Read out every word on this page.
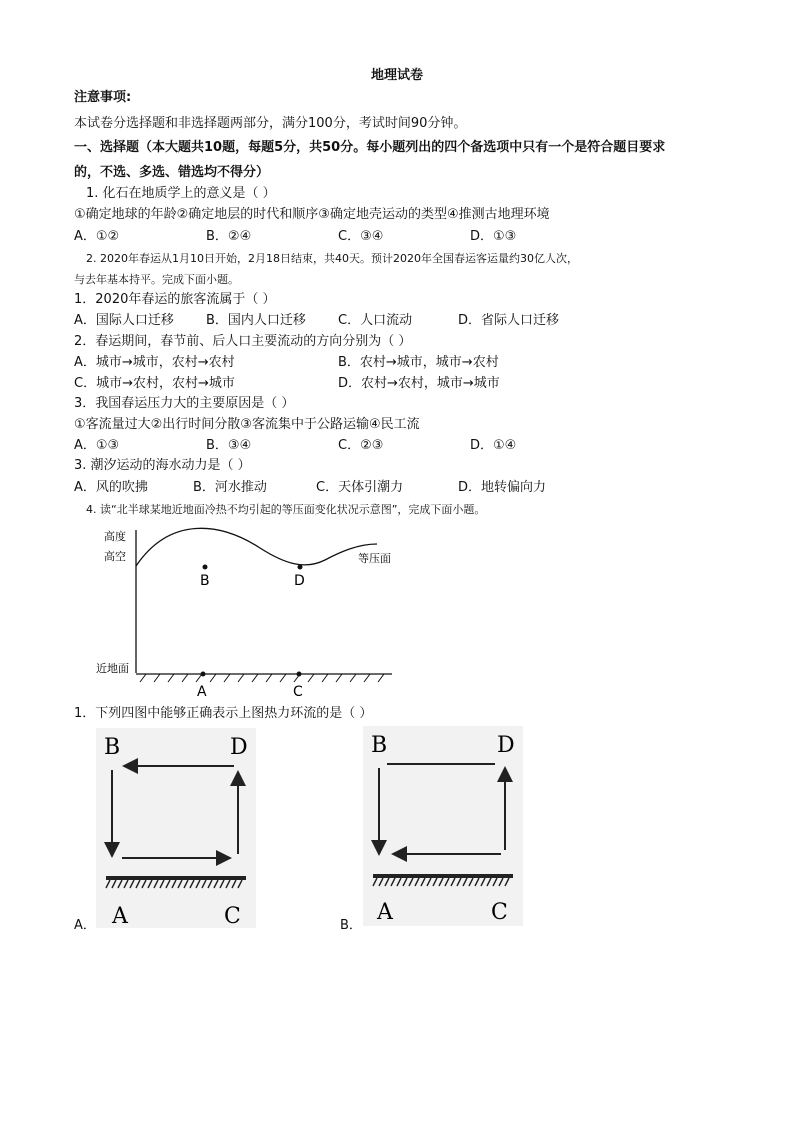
地理试卷
注意事项:
本试卷分选择题和非选择题两部分，满分100分，考试时间90分钟。
一、选择题（本大题共10题，每题5分，共50分。每小题列出的四个备选项中只有一个是符合题目要求
的，不选、多选、错选均不得分）
1. 化石在地质学上的意义是（ ）
①确定地球的年龄②确定地层的时代和顺序③确定地壳运动的类型④推测古地理环境
A．①②	B．②④	C．③④	D．①③
2. 2020年春运从1月10日开始，2月18日结束，共40天。预计2020年全国春运客运量约30亿人次，
与去年基本持平。完成下面小题。
1．2020年春运的旅客流属于（ ）
A．国际人口迁移 B．国内人口迁移 C．人口流动	D．省际人口迁移
2．春运期间，春节前、后人口主要流动的方向分别为（ ）
A．城市→城市，农村→农村	B．农村→城市，城市→农村
C．城市→农村，农村→城市	D．农村→农村，城市→城市
3．我国春运压力大的主要原因是（ ）
①客流量过大②出行时间分散③客流集中于公路运输④民工流
A．①③	B．③④	C．②③	D．①④
3. 潮汐运动的海水动力是（ ）
A．风的吹拂	B．河水推动	C．天体引潮力	D．地转偏向力
4. 读“北半球某地近地面冷热不均引起的等压面变化状况示意图”，完成下面小题。
高度
高空
近地面
等压面
B	D
A	C
1．下列四图中能够正确表示上图热力环流的是（ ）
A．
B	D
A	C	B．
B	D
A	C
